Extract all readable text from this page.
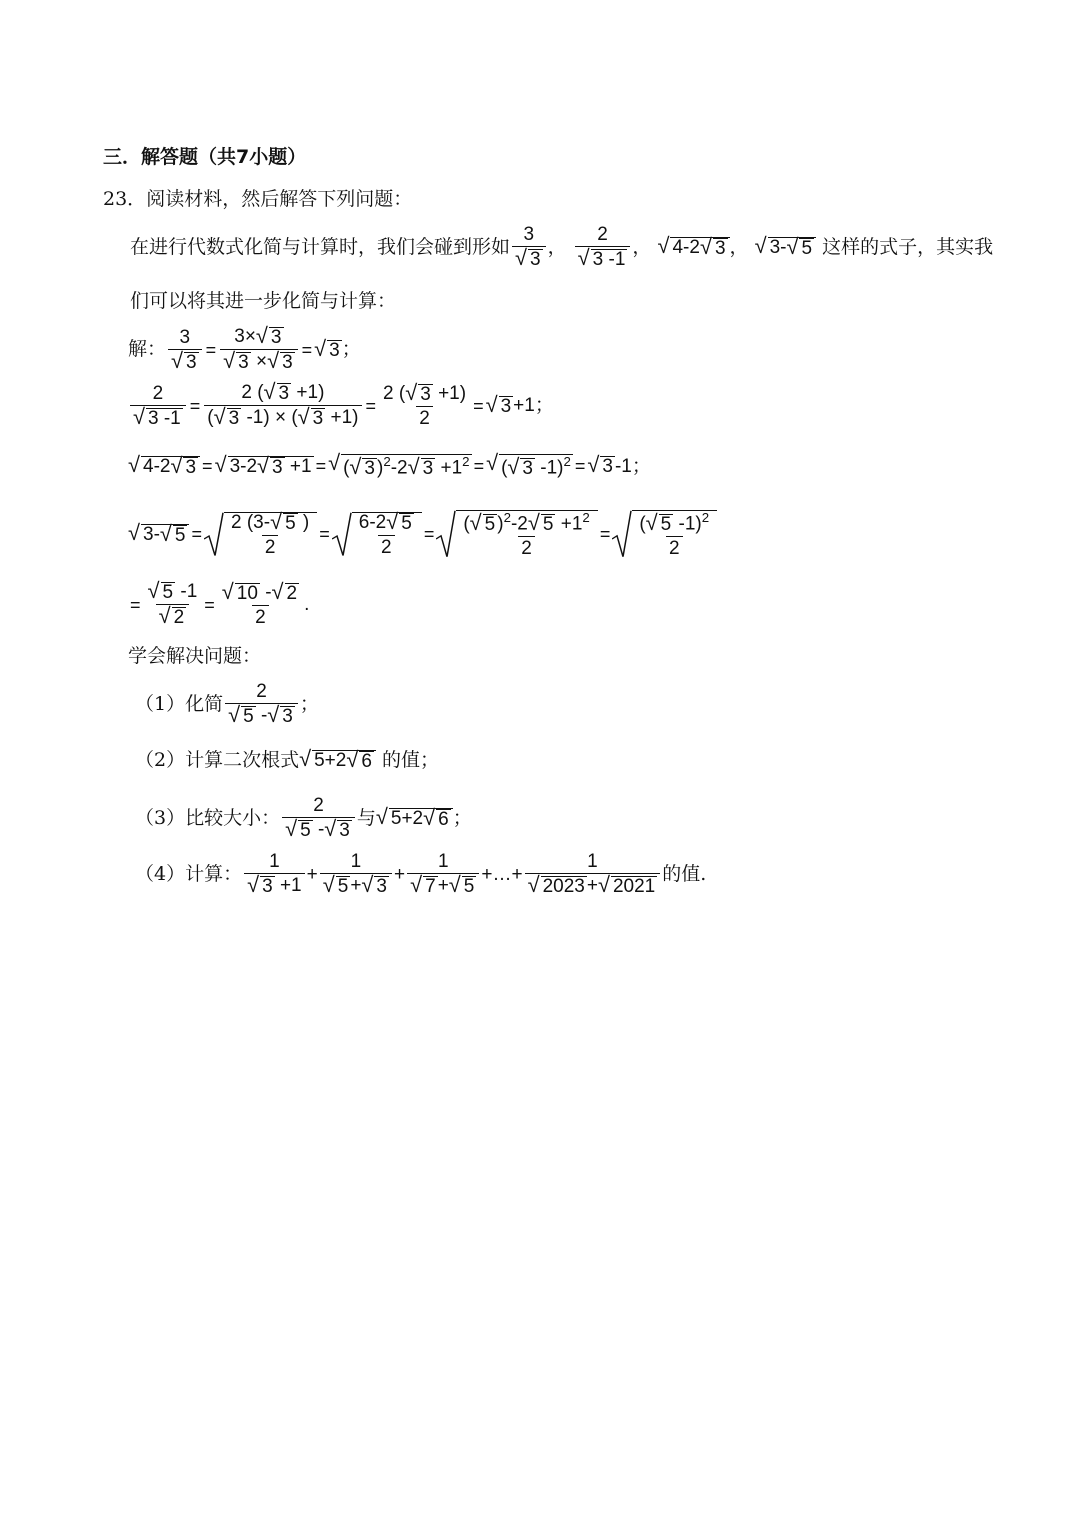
三．解答题（共7小题）
23．阅读材料，然后解答下列问题：
在进行代数式化简与计算时，我们会碰到形如 3
√ 3 ， 2
√ 3 -1 ， √ 4-2 √ 3 ， √ 3- √ 5 这样的式子，其实我
们可以将其进一步化简与计算：
解： 3
√ 3 = 3× √ 3
√ 3 × √ 3 = √ 3 ；
2
√ 3 $-1 = \frac{2 ( √ 3 +1)}{( √ 3 -1) \times ( √ 3 +1)} = \frac{2 ( √ 3 +1)}{2}$ = √ 3+1；
√ 4-2 √ 3 = √ 3-2 √ 3 +1 = √ ( √ 3 )$^2$-2 √ $3 +1^2$ = √ ( √ 3 -1)$^2$ = √ 3-1；
√ 3- √ $5 = \frac{2 (3- √ 5 )}{2} = \frac{6-2 √ 5}{2} = \frac{( √ 5 )^2-2 √ 5 +1^2}{2} = \frac{( √ 5 -1)^2}{2}$
= √ 5 -1
√ 2 = √ $\frac{10 - √ 2}{2}$ .
学会解决问题：
（1）化简 2
√ 5 - √ 3 ；
（2）计算二次根式 √ 5+2 √ 6 的值；
（3）比较大小： 2
√ 5 - √ 3 与 √ 5+2 √ 6 ；
（4）计算： 1
√ 3 +1 + 1
√ 5 + √ 3 + 1
√ 7 + √ 5 +…+ 1
√ 2023 + √ 2021 的值.
